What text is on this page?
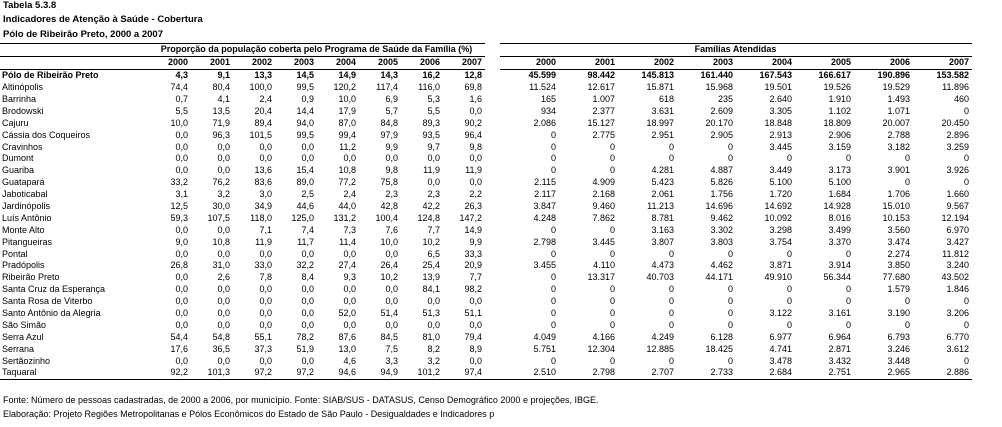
Tabela 5.3.8
Indicadores de Atenção à Saúde - Cobertura
Pólo de Ribeirão Preto, 2000 a 2007
	Proporção da população coberta pelo Programa de Saúde da Família (%)									Famílias Atendidas							
	2000	2001	2002	2003	2004	2005	2006	2007		2000	2001	2002	2003	2004	2005	2006	2007
Pólo de Ribeirão Preto	4,3	9,1	13,3	14,5	14,9	14,3	16,2	12,8		45.599	98.442	145.813	161.440	167.543	166.617	190.896	153.582
Altinópolis	74,4	80,4	100,0	99,5	120,2	117,4	116,0	69,8		11.524	12.617	15.871	15.968	19.501	19.526	19.529	11.896
Barrinha	0,7	4,1	2,4	0,9	10,0	6,9	5,3	1,6		165	1.007	618	235	2.640	1.910	1.493	460
Brodowski	5,5	13,5	20,4	14,4	17,9	5,7	5,5	0,0		934	2.377	3.631	2.609	3.305	1.102	1.071	0
Cajuru	10,0	71,9	89,4	94,0	87,0	84,8	89,3	90,2		2.086	15.127	18.997	20.170	18.848	18.809	20.007	20.450
Cássia dos Coqueiros	0,0	96,3	101,5	99,5	99,4	97,9	93,5	96,4		0	2.775	2.951	2.905	2.913	2.906	2.788	2.896
Cravinhos	0,0	0,0	0,0	0,0	11,2	9,9	9,7	9,8		0	0	0	0	3.445	3.159	3.182	3.259
Dumont	0,0	0,0	0,0	0,0	0,0	0,0	0,0	0,0		0	0	0	0	0	0	0	0
Guariba	0,0	0,0	13,6	15,4	10,8	9,8	11,9	11,9		0	0	4.281	4.887	3.449	3.173	3.901	3.926
Guatapará	33,2	76,2	83,6	89,0	77,2	75,8	0,0	0,0		2.115	4.909	5.423	5.826	5.100	5.100	0	0
Jaboticabal	3,1	3,2	3,0	2,5	2,4	2,3	2,3	2,2		2.117	2.168	2.061	1.756	1.720	1.684	1.706	1.660
Jardinópolis	12,5	30,0	34,9	44,6	44,0	42,8	42,2	26,3		3.847	9.460	11.213	14.696	14.692	14.928	15.010	9.567
Luís Antônio	59,3	107,5	118,0	125,0	131,2	100,4	124,8	147,2		4.248	7.862	8.781	9.462	10.092	8.016	10.153	12.194
Monte Alto	0,0	0,0	7,1	7,4	7,3	7,6	7,7	14,9		0	0	3.163	3.302	3.298	3.499	3.560	6.970
Pitangueiras	9,0	10,8	11,9	11,7	11,4	10,0	10,2	9,9		2.798	3.445	3.807	3.803	3.754	3.370	3.474	3.427
Pontal	0,0	0,0	0,0	0,0	0,0	0,0	6,5	33,3		0	0	0	0	0	0	2.274	11.812
Pradópolis	26,8	31,0	33,0	32,2	27,4	26,4	25,4	20,9		3.455	4.110	4.473	4.462	3.871	3.914	3.850	3.240
Ribeirão Preto	0,0	2,6	7,8	8,4	9,3	10,2	13,9	7,7		0	13.317	40.703	44.171	49.910	56.344	77.680	43.502
Santa Cruz da Esperança	0,0	0,0	0,0	0,0	0,0	0,0	84,1	98,2		0	0	0	0	0	0	1.579	1.846
Santa Rosa de Viterbo	0,0	0,0	0,0	0,0	0,0	0,0	0,0	0,0		0	0	0	0	0	0	0	0
Santo Antônio da Alegria	0,0	0,0	0,0	0,0	52,0	51,4	51,3	51,1		0	0	0	0	3.122	3.161	3.190	3.206
São Simão	0,0	0,0	0,0	0,0	0,0	0,0	0,0	0,0		0	0	0	0	0	0	0	0
Serra Azul	54,4	54,8	55,1	78,2	87,6	84,5	81,0	79,4		4.049	4.166	4.249	6.128	6.977	6.964	6.793	6.770
Serrana	17,6	36,5	37,3	51,9	13,0	7,5	8,2	8,9		5.751	12.304	12.885	18.425	4.741	2.871	3.246	3.612
Sertãozinho	0,0	0,0	0,0	0,0	4,6	3,3	3,2	0,0		0	0	0	0	3.478	3.432	3.448	0
Taquaral	92,2	101,3	97,2	97,2	94,6	94,9	101,2	97,4		2.510	2.798	2.707	2.733	2.684	2.751	2.965	2.886
Fonte: Número de pessoas cadastradas, de 2000 a 2006, por município. Fonte: SIAB/SUS - DATASUS, Censo Demográfico 2000 e projeções, IBGE.
Elaboração: Projeto Regiões Metropolitanas e Pólos Econômicos do Estado de São Paulo - Desigualdades e Indicadores p
